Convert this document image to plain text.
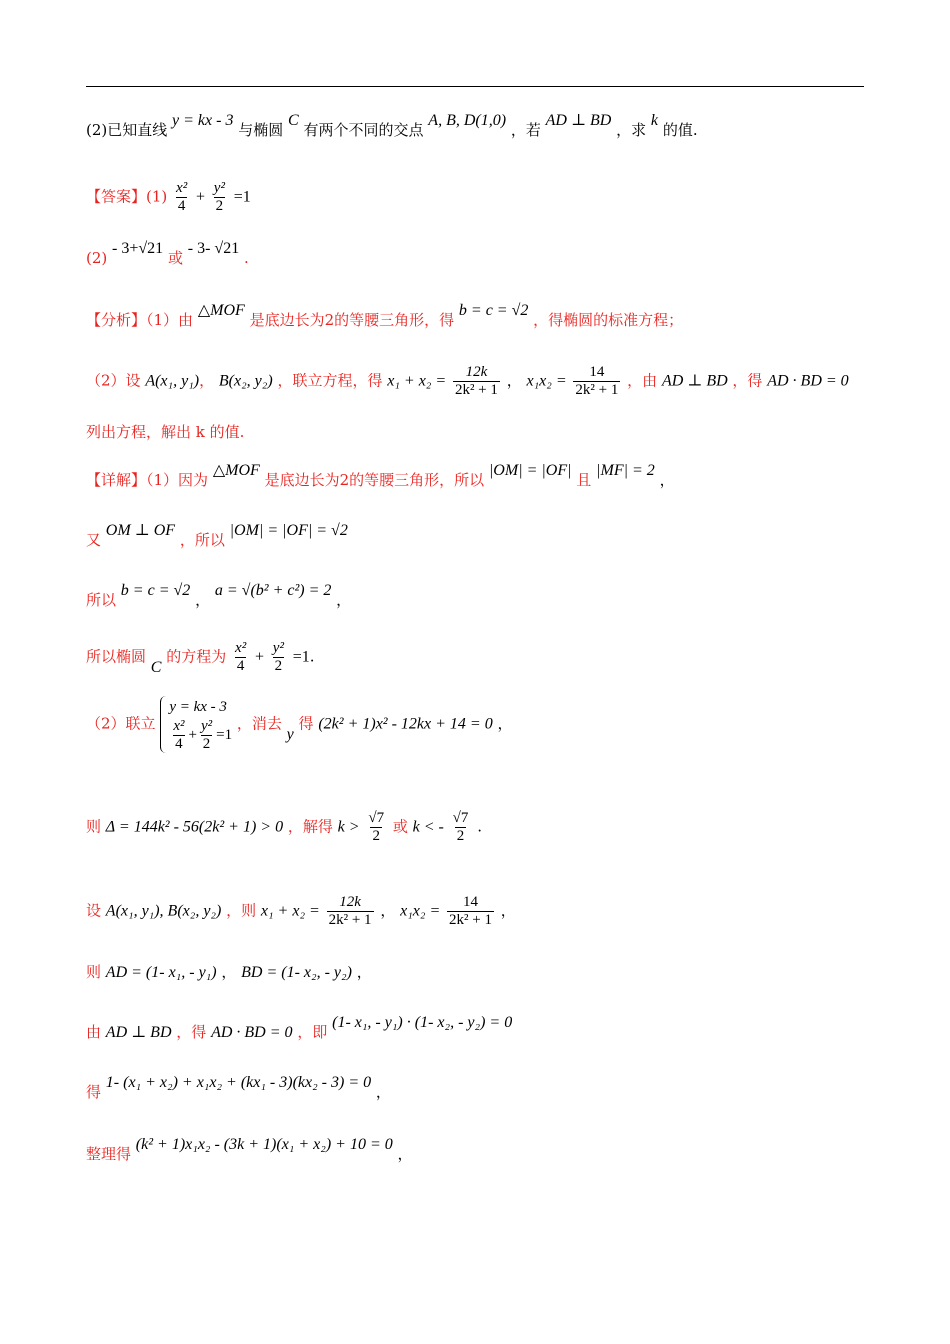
(2)已知直线 y = kx - 3 与椭圆 C 有两个不同的交点 A, B, D(1,0) ，若 AD ⊥ BD ，求 k 的值.
【答案】$(1) \frac{\text{x²}}{4} + \frac{\text{y²}}{2} =1$
(2) - 3+√21 或 - 3- √21 .
【分析】（1）由 △MOF 是底边长为2的等腰三角形，得 b = c = √2 ，得椭圆的标准方程；
（2）设 A(x₁, y₁)， B(x₂, y₂) ，联立方程，得 $x_1 + x_2 = \frac{12k}{\text{2k² + 1}}$ ， $x_1x_2 = \frac{14}{\text{2k² + 1}}$ ，由 AD ⊥ BD ，得 AD · BD = 0
列出方程，解出 k 的值.
【详解】（1）因为 △MOF 是底边长为2的等腰三角形，所以 |OM| = |OF| 且 |MF| = 2 ，
又 OM ⊥ OF ，所以 |OM| = |OF| = √2
所以 b = c = √2 ， a = √(b² + c²) = 2 ，
所以椭圆 C 的方程为 $\frac{\text{x²}}{4} + \frac{\text{y²}}{2} =1$.
（2）联立
y = kx - 3
$\frac{\text{x²}}{4} + \frac{\text{y²}}{2} =1$
，消去 y 得 (2k² + 1)x² - 12kx + 14 = 0 ，
则 Δ = 144k² - 56(2k² + 1) > 0 ，解得 $k > \frac{√7}{2}$ 或 k < - $\frac{√7}{2}$ .
设 A(x₁, y₁), B(x₂, y₂) ，则 $x_1 + x_2 = \frac{12k}{\text{2k² + 1}}$ ， $x_1x_2 = \frac{14}{\text{2k² + 1}}$ ，
则 AD = (1- x₁, - y₁) ， BD = (1- x₂, - y₂) ，
由 AD ⊥ BD ，得 AD · BD = 0 ，即 (1- x₁, - y₁) · (1- x₂, - y₂) = 0
得 1- (x₁ + x₂) + x₁x₂ + (kx₁ - 3)(kx₂ - 3) = 0 ，
整理得 (k² + 1)x₁x₂ - (3k + 1)(x₁ + x₂) + 10 = 0 ，
